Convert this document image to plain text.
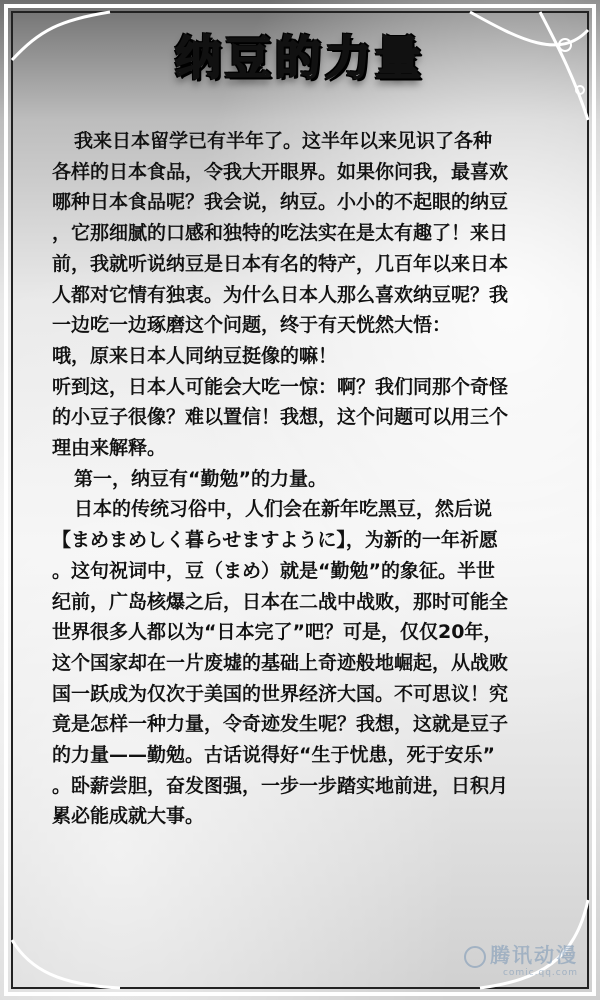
纳豆的力量

我来日本留学已有半年了。这半年以来见识了各种

各样的日本食品，令我大开眼界。如果你问我，最喜欢

哪种日本食品呢？我会说，纳豆。小小的不起眼的纳豆

，它那细腻的口感和独特的吃法实在是太有趣了！来日

前，我就听说纳豆是日本有名的特产，几百年以来日本

人都对它情有独衷。为什么日本人那么喜欢纳豆呢？我

一边吃一边琢磨这个问题，终于有天恍然大悟：

哦，原来日本人同纳豆挺像的嘛！

听到这，日本人可能会大吃一惊：啊？我们同那个奇怪

的小豆子很像？难以置信！我想，这个问题可以用三个

理由来解释。

第一，纳豆有“勤勉”的力量。

日本的传统习俗中，人们会在新年吃黑豆，然后说

【まめまめしく暮らせますように】，为新的一年祈愿

。这句祝词中，豆（まめ）就是“勤勉”的象征。半世

纪前，广岛核爆之后，日本在二战中战败，那时可能全

世界很多人都以为“日本完了”吧？可是，仅仅20年，

这个国家却在一片废墟的基础上奇迹般地崛起，从战败

国一跃成为仅次于美国的世界经济大国。不可思议！究

竟是怎样一种力量，令奇迹发生呢？我想，这就是豆子

的力量——勤勉。古话说得好“生于忧患，死于安乐”

。卧薪尝胆，奋发图强，一步一步踏实地前进，日积月

累必能成就大事。

腾讯动漫
comic.qq.com
